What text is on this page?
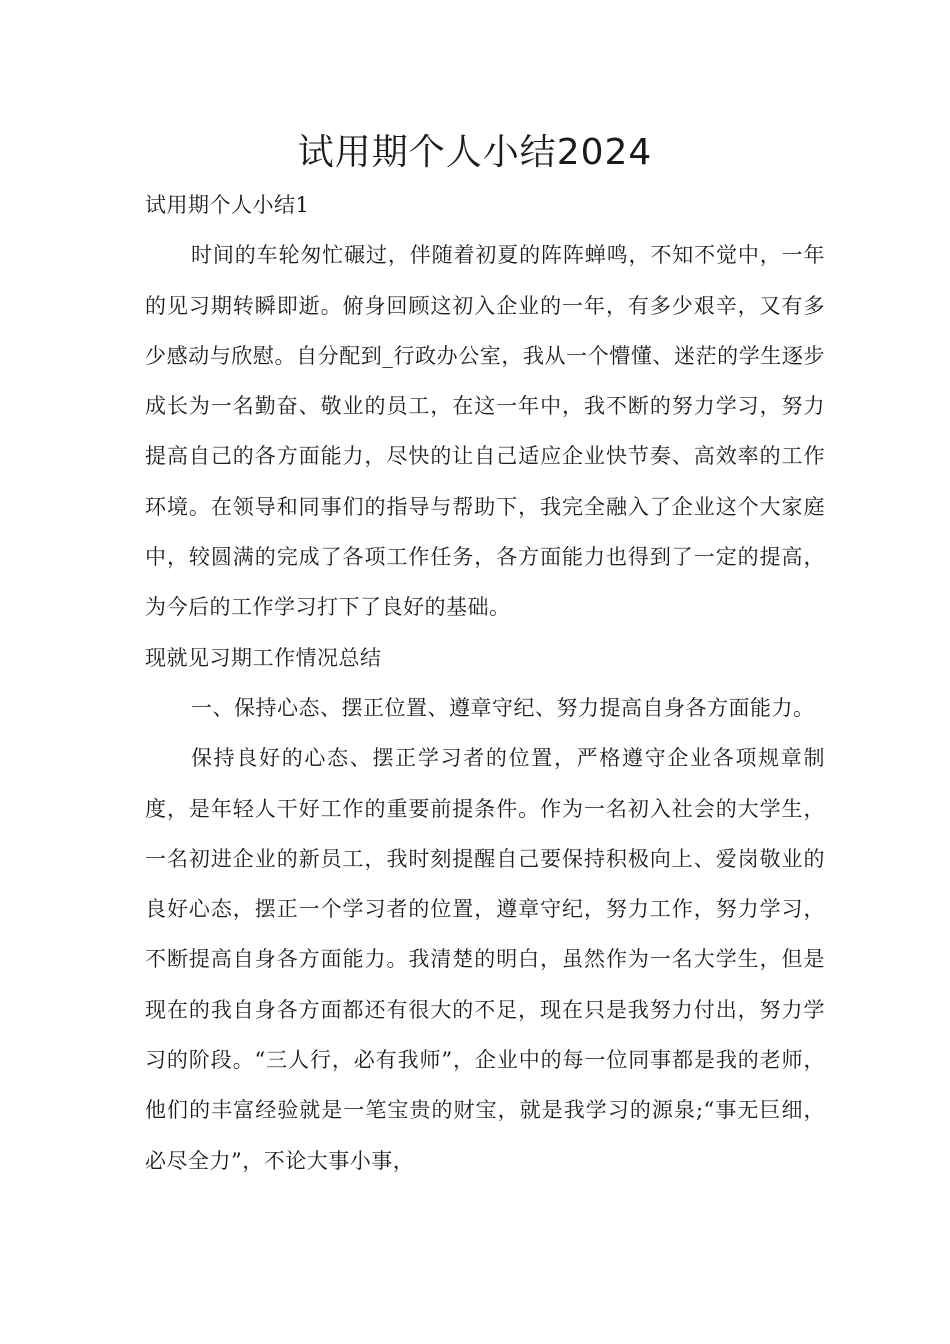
试用期个人小结2024

试用期个人小结1

时间的车轮匆忙碾过，伴随着初夏的阵阵蝉鸣，不知不觉中，一年的见习期转瞬即逝。俯身回顾这初入企业的一年，有多少艰辛，又有多少感动与欣慰。自分配到_行政办公室，我从一个懵懂、迷茫的学生逐步成长为一名勤奋、敬业的员工，在这一年中，我不断的努力学习，努力提高自己的各方面能力，尽快的让自己适应企业快节奏、高效率的工作环境。在领导和同事们的指导与帮助下，我完全融入了企业这个大家庭中，较圆满的完成了各项工作任务，各方面能力也得到了一定的提高，为今后的工作学习打下了良好的基础。

现就见习期工作情况总结

一、保持心态、摆正位置、遵章守纪、努力提高自身各方面能力。

保持良好的心态、摆正学习者的位置，严格遵守企业各项规章制度，是年轻人干好工作的重要前提条件。作为一名初入社会的大学生，一名初进企业的新员工，我时刻提醒自己要保持积极向上、爱岗敬业的良好心态，摆正一个学习者的位置，遵章守纪，努力工作，努力学习，不断提高自身各方面能力。我清楚的明白，虽然作为一名大学生，但是现在的我自身各方面都还有很大的不足，现在只是我努力付出，努力学习的阶段。“三人行，必有我师”，企业中的每一位同事都是我的老师，他们的丰富经验就是一笔宝贵的财宝，就是我学习的源泉;“事无巨细，必尽全力”，不论大事小事，
